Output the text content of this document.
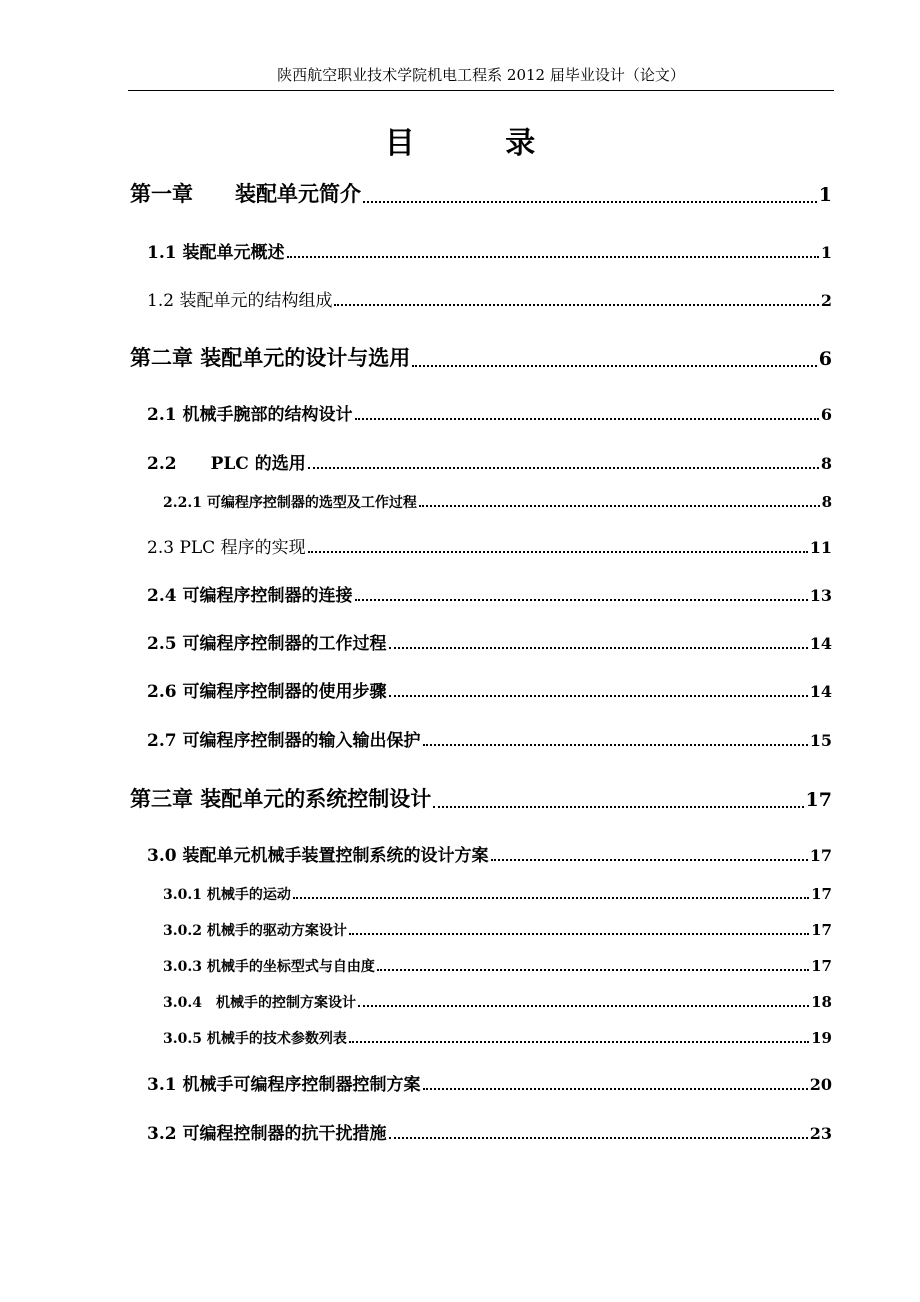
陕西航空职业技术学院机电工程系 2012 届毕业设计（论文）
目 录
第一章　　装配单元简介	1
1.1 装配单元概述	1
1.2 装配单元的结构组成	2
第二章 装配单元的设计与选用	6
2.1 机械手腕部的结构设计	6
2.2　　PLC 的选用	8
2.2.1 可编程序控制器的选型及工作过程	8
2.3 PLC 程序的实现	11
2.4 可编程序控制器的连接	13
2.5 可编程序控制器的工作过程	14
2.6 可编程序控制器的使用步骤	14
2.7 可编程序控制器的输入输出保护	15
第三章 装配单元的系统控制设计	17
3.0 装配单元机械手装置控制系统的设计方案	17
3.0.1 机械手的运动	17
3.0.2 机械手的驱动方案设计	17
3.0.3 机械手的坐标型式与自由度	17
3.0.4　机械手的控制方案设计	18
3.0.5 机械手的技术参数列表	19
3.1 机械手可编程序控制器控制方案	20
3.2 可编程控制器的抗干扰措施	23
